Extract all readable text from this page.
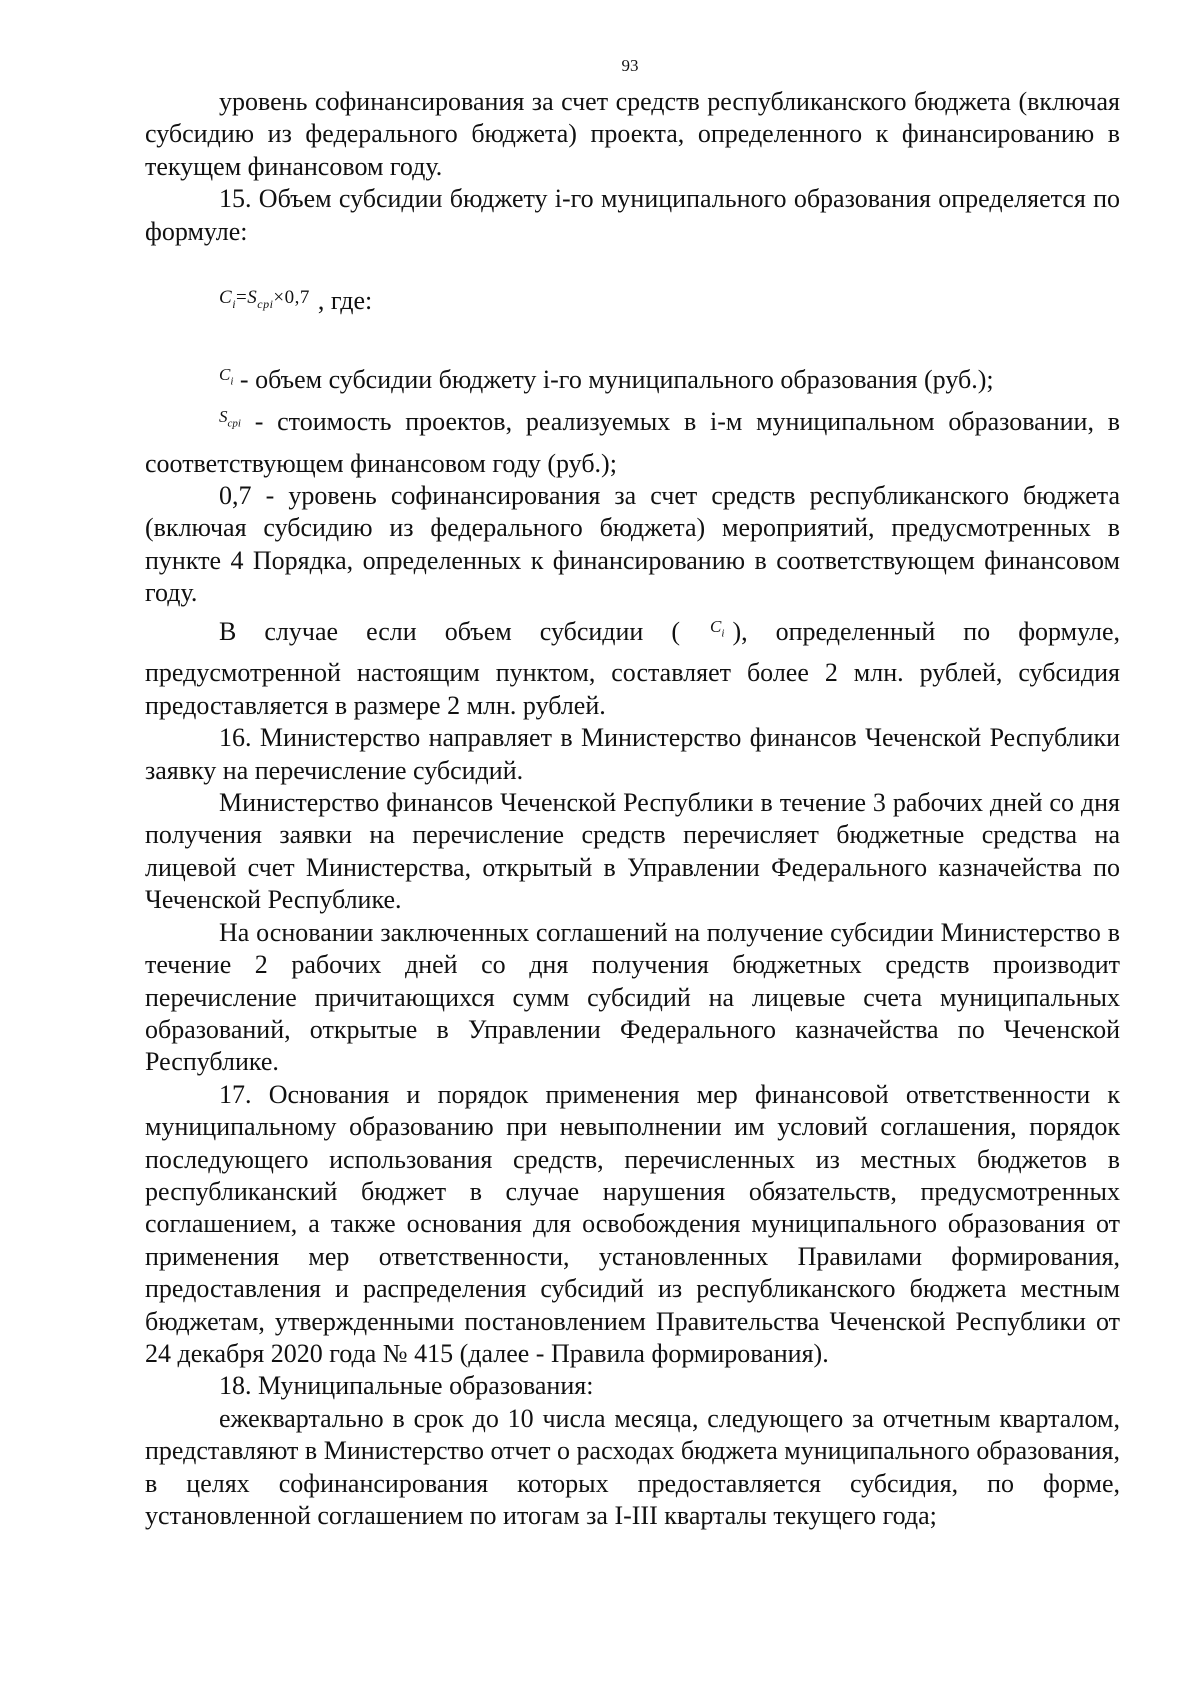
93

уровень софинансирования за счет средств республиканского бюджета (включая субсидию из федерального бюджета) проекта, определенного к финансированию в текущем финансовом году.

15. Объем субсидии бюджету i-го муниципального образования определяется по формуле:

$C_i=S_{срi}\times 0,7$ , где:

$^{C_i}$ - объем субсидии бюджету i-го муниципального образования (руб.);

$^{S_{срi}}$ - стоимость проектов, реализуемых в i-м муниципальном образовании, в соответствующем финансовом году (руб.);

0,7 - уровень софинансирования за счет средств республиканского бюджета (включая субсидию из федерального бюджета) мероприятий, предусмотренных в пункте 4 Порядка, определенных к финансированию в соответствующем финансовом году.

В случае если объем субсидии ( $^{C_i}$ ), определенный по формуле, предусмотренной настоящим пунктом, составляет более 2 млн. рублей, субсидия предоставляется в размере 2 млн. рублей.

16. Министерство направляет в Министерство финансов Чеченской Республики заявку на перечисление субсидий.

Министерство финансов Чеченской Республики в течение 3 рабочих дней со дня получения заявки на перечисление средств перечисляет бюджетные средства на лицевой счет Министерства, открытый в Управлении Федерального казначейства по Чеченской Республике.

На основании заключенных соглашений на получение субсидии Министерство в течение 2 рабочих дней со дня получения бюджетных средств производит перечисление причитающихся сумм субсидий на лицевые счета муниципальных образований, открытые в Управлении Федерального казначейства по Чеченской Республике.

17. Основания и порядок применения мер финансовой ответственности к муниципальному образованию при невыполнении им условий соглашения, порядок последующего использования средств, перечисленных из местных бюджетов в республиканский бюджет в случае нарушения обязательств, предусмотренных соглашением, а также основания для освобождения муниципального образования от применения мер ответственности, установленных Правилами формирования, предоставления и распределения субсидий из республиканского бюджета местным бюджетам, утвержденными постановлением Правительства Чеченской Республики от 24 декабря 2020 года № 415 (далее - Правила формирования).

18. Муниципальные образования:

ежеквартально в срок до 10 числа месяца, следующего за отчетным кварталом, представляют в Министерство отчет о расходах бюджета муниципального образования, в целях софинансирования которых предоставляется субсидия, по форме, установленной соглашением по итогам за I-III кварталы текущего года;
